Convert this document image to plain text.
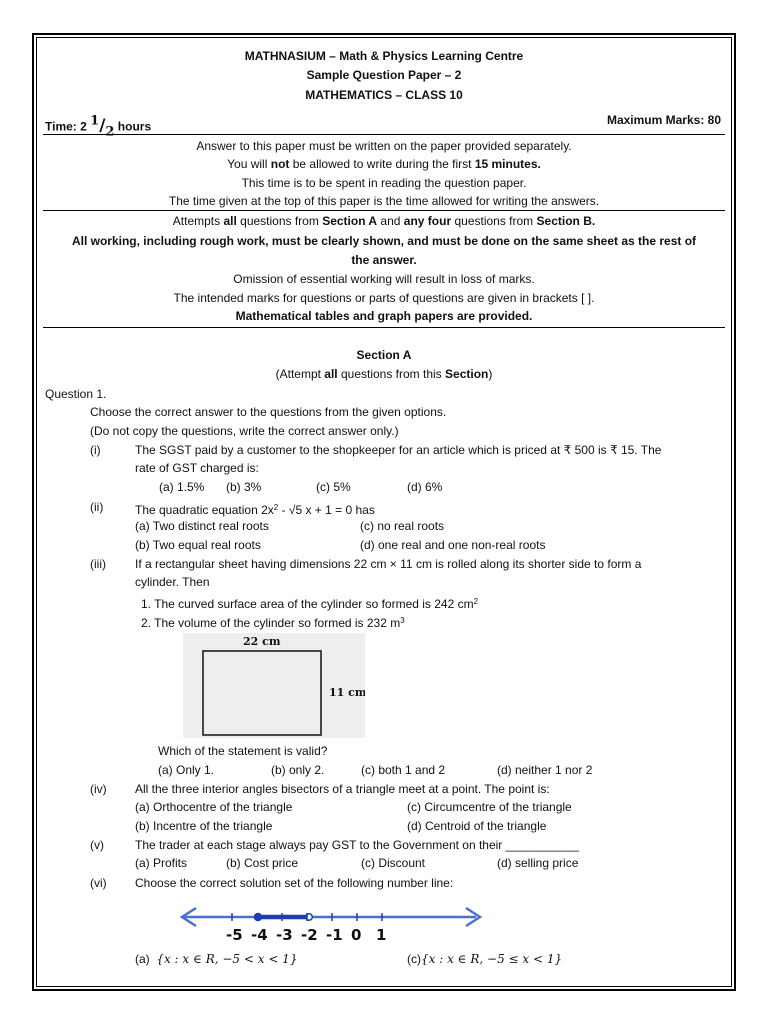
MATHNASIUM – Math & Physics Learning Centre
Sample Question Paper – 2
MATHEMATICS – CLASS 10
Time: 2 $^1/_2$ hours	Maximum Marks: 80
Answer to this paper must be written on the paper provided separately.
You will not be allowed to write during the first 15 minutes.
This time is to be spent in reading the question paper.
The time given at the top of this paper is the time allowed for writing the answers.
Attempts all questions from Section A and any four questions from Section B.
All working, including rough work, must be clearly shown, and must be done on the same sheet as the rest of
the answer.
Omission of essential working will result in loss of marks.
The intended marks for questions or parts of questions are given in brackets [ ].
Mathematical tables and graph papers are provided.
Section A
(Attempt all questions from this Section)
Question 1.
Choose the correct answer to the questions from the given options.
(Do not copy the questions, write the correct answer only.)
(i)	The SGST paid by a customer to the shopkeeper for an article which is priced at ₹ 500 is ₹ 15. The
rate of GST charged is:
(a) 1.5% (b) 3%	(c) 5%	(d) 6%
(ii)	The quadratic equation $2x^2 - √5$ x + 1 = 0 has
(a) Two distinct real roots	(c) no real roots
(b) Two equal real roots	(d) one real and one non-real roots
(iii) If a rectangular sheet having dimensions 22 cm × 11 cm is rolled along its shorter side to form a
cylinder. Then
1. The curved surface area of the cylinder so formed is 242 $cm^2$
2. The volume of the cylinder so formed is 232 $m^3$
22 cm
11 cm
Which of the statement is valid?
(a) Only 1.	(b) only 2.	(c) both 1 and 2	(d) neither 1 nor 2
(iv) All the three interior angles bisectors of a triangle meet at a point. The point is:
(a) Orthocentre of the triangle	(c) Circumcentre of the triangle
(b) Incentre of the triangle	(d) Centroid of the triangle
(v)	The trader at each stage always pay GST to the Government on their ___________
(a) Profits	(b) Cost price	(c) Discount	(d) selling price
(vi) Choose the correct solution set of the following number line:
-5 -4 -3 -2 -1 0 1
(a) {x : x ∈ R, −5 < x < 1}	(c){x : x ∈ R, −5 ≤ x < 1}
